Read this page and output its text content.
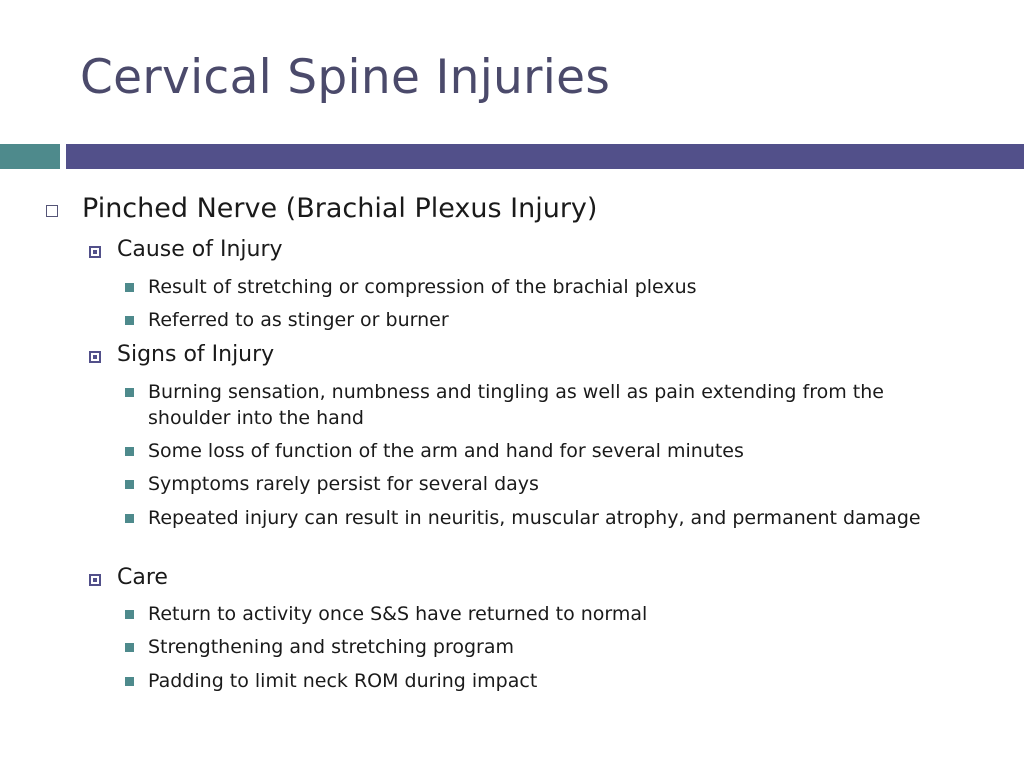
Cervical Spine Injuries
Pinched Nerve (Brachial Plexus Injury)
Cause of Injury
Result of stretching or compression of the brachial plexus
Referred to as stinger or burner
Signs of Injury
Burning sensation, numbness and tingling as well as pain extending from the shoulder into the hand
Some loss of function of the arm and hand for several minutes
Symptoms rarely persist for several days
Repeated injury can result in neuritis, muscular atrophy, and permanent damage
Care
Return to activity once S&S have returned to normal
Strengthening and stretching program
Padding to limit neck ROM during impact
